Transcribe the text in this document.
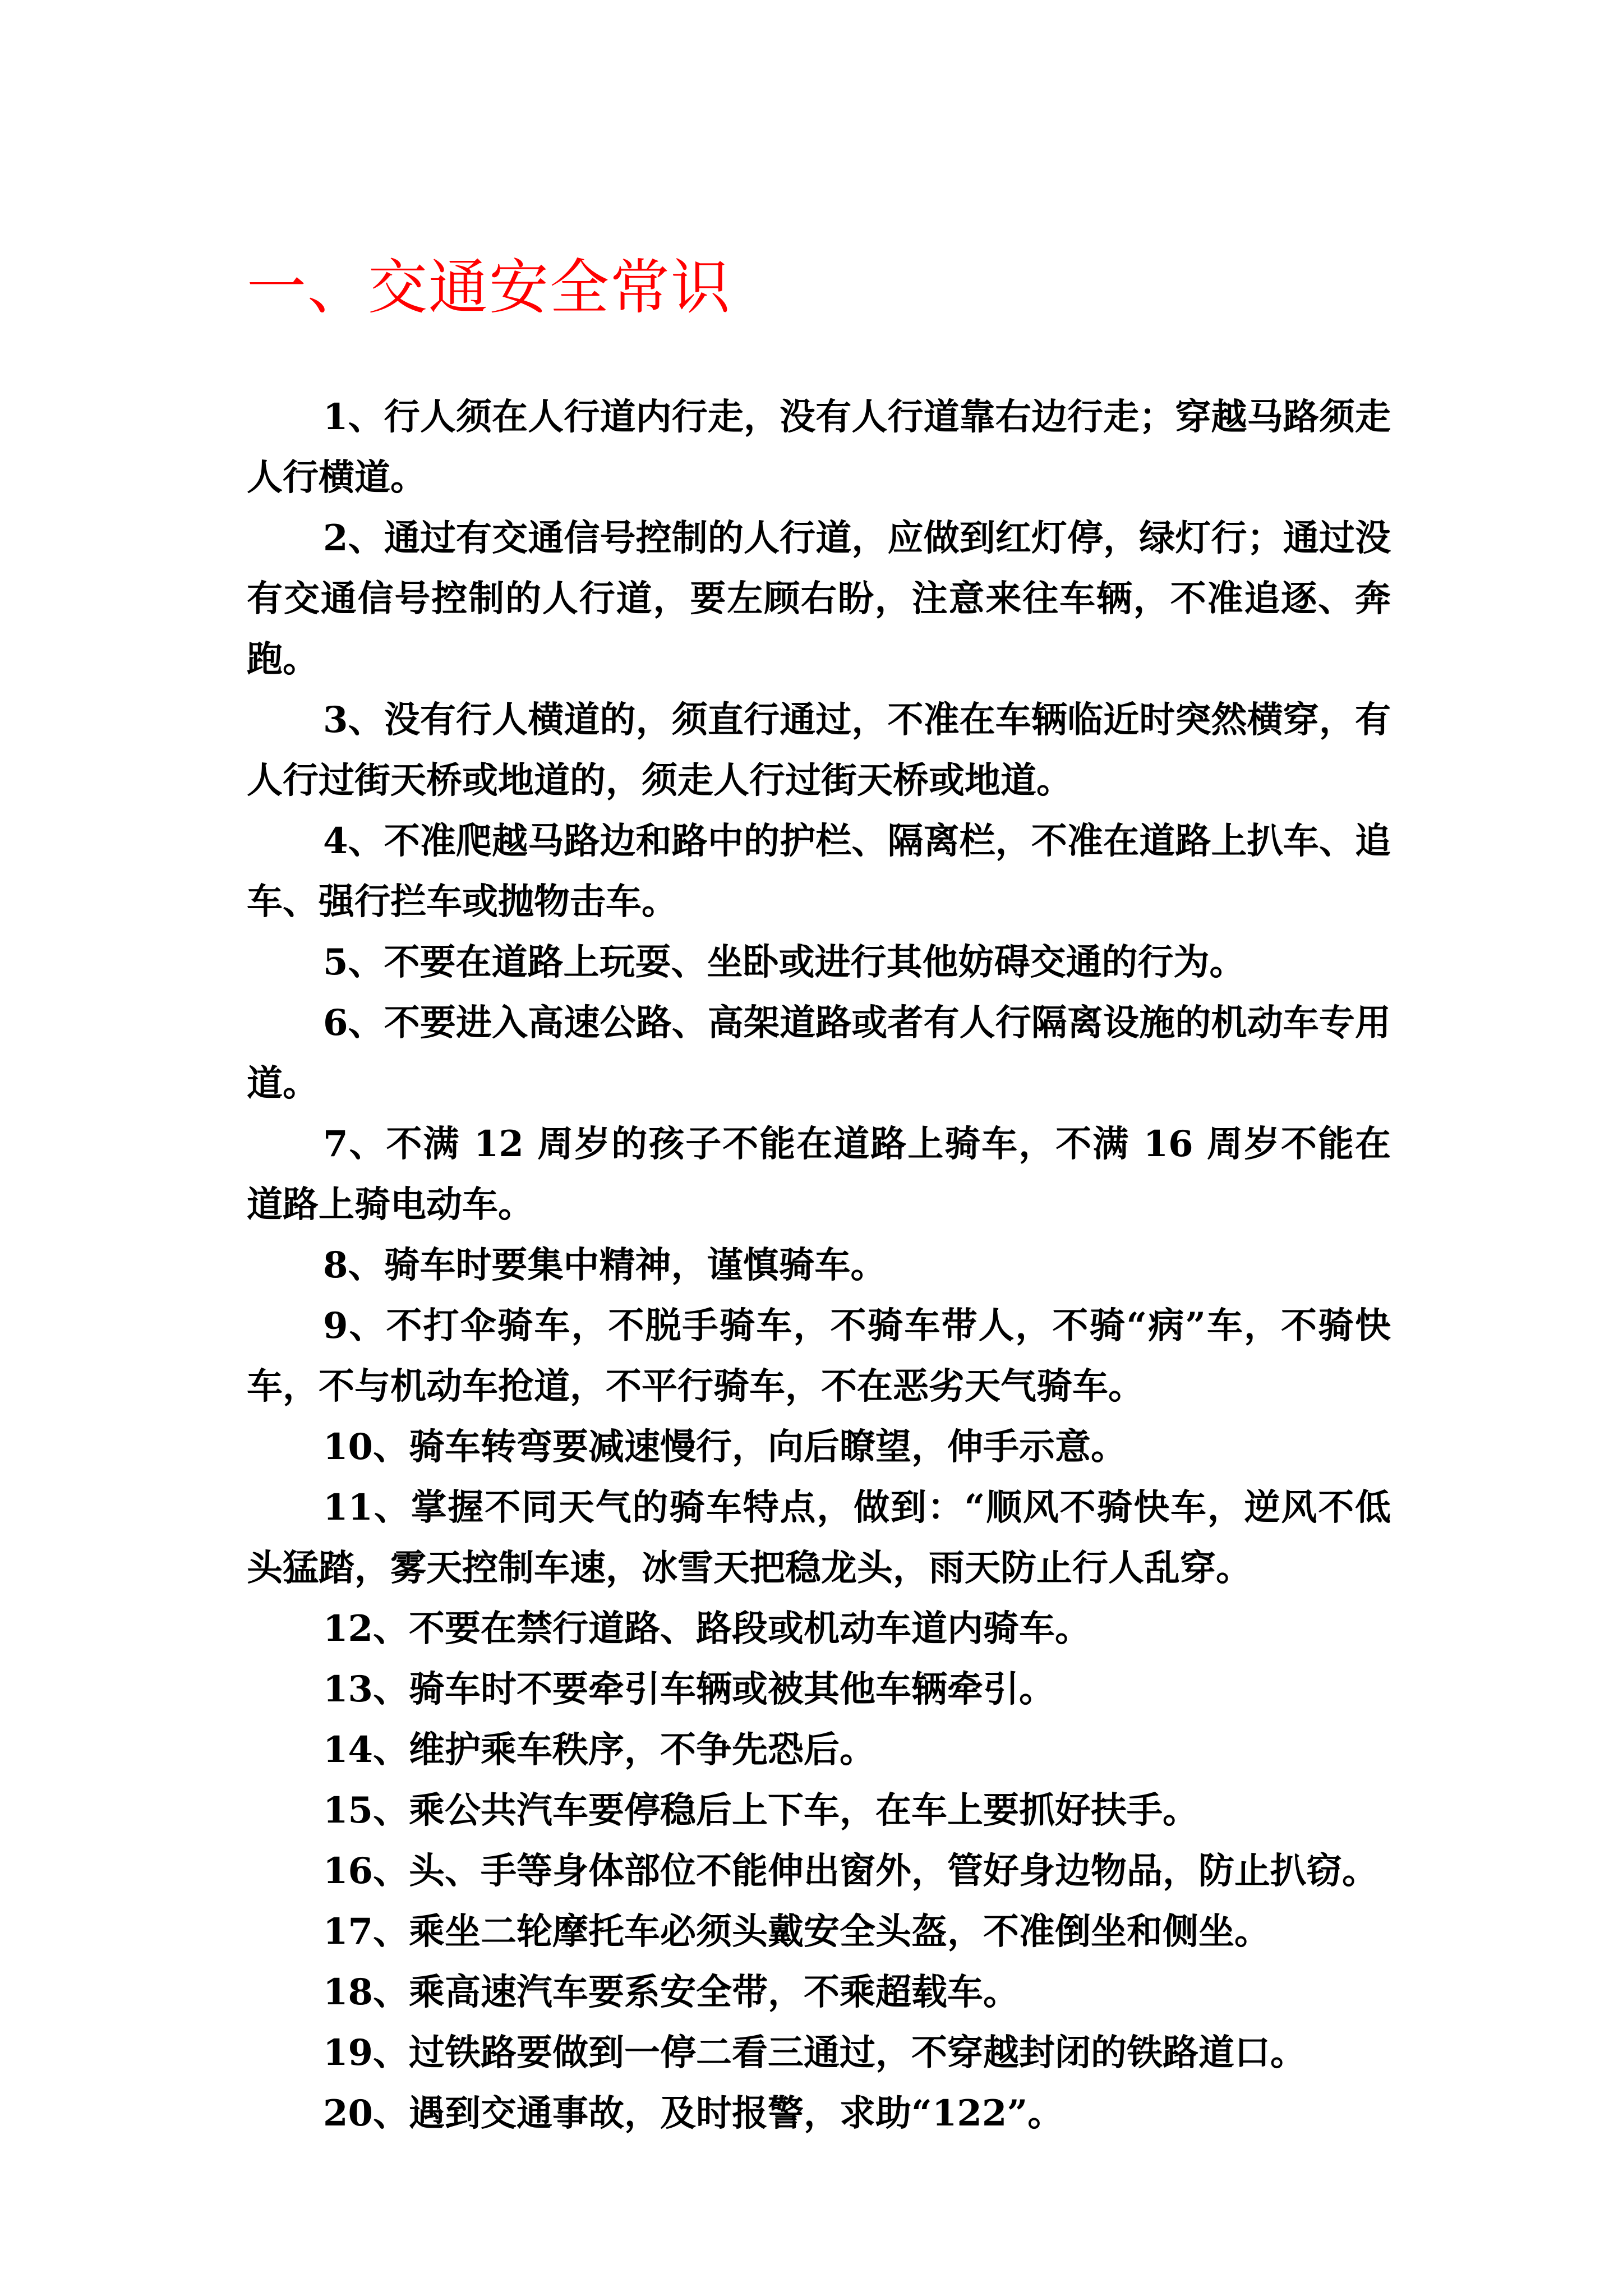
一、交通安全常识

1、行人须在人行道内行走，没有人行道靠右边行走；穿越马路须走人行横道。

2、通过有交通信号控制的人行道，应做到红灯停，绿灯行；通过没有交通信号控制的人行道，要左顾右盼，注意来往车辆，不准追逐、奔跑。

3、没有行人横道的，须直行通过，不准在车辆临近时突然横穿，有人行过街天桥或地道的，须走人行过街天桥或地道。

4、不准爬越马路边和路中的护栏、隔离栏，不准在道路上扒车、追车、强行拦车或抛物击车。

5、不要在道路上玩耍、坐卧或进行其他妨碍交通的行为。

6、不要进入高速公路、高架道路或者有人行隔离设施的机动车专用道。

7、不满 12 周岁的孩子不能在道路上骑车，不满 16 周岁不能在道路上骑电动车。

8、骑车时要集中精神，谨慎骑车。

9、不打伞骑车，不脱手骑车，不骑车带人，不骑“病”车，不骑快车，不与机动车抢道，不平行骑车，不在恶劣天气骑车。

10、骑车转弯要减速慢行，向后瞭望，伸手示意。

11、掌握不同天气的骑车特点，做到：“顺风不骑快车，逆风不低头猛踏，雾天控制车速，冰雪天把稳龙头，雨天防止行人乱穿。

12、不要在禁行道路、路段或机动车道内骑车。

13、骑车时不要牵引车辆或被其他车辆牵引。

14、维护乘车秩序，不争先恐后。

15、乘公共汽车要停稳后上下车，在车上要抓好扶手。

16、头、手等身体部位不能伸出窗外，管好身边物品，防止扒窃。

17、乘坐二轮摩托车必须头戴安全头盔，不准倒坐和侧坐。

18、乘高速汽车要系安全带，不乘超载车。

19、过铁路要做到一停二看三通过，不穿越封闭的铁路道口。

20、遇到交通事故，及时报警，求助“122”。
